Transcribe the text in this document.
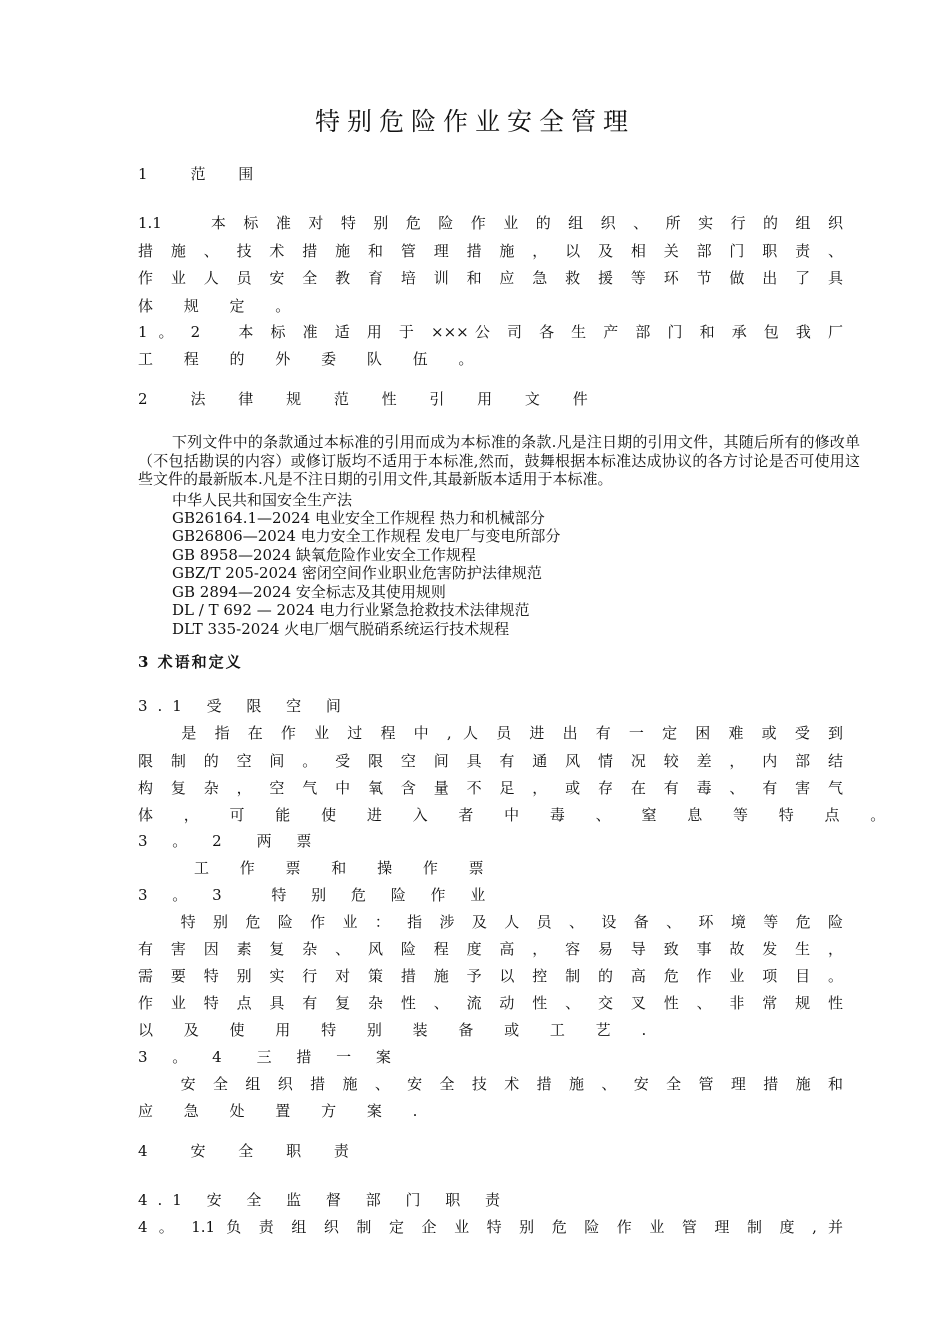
特别危险作业安全管理
1　范 围
1.1　　本 标 准 对 特 别 危 险 作 业 的 组 织 、 所 实 行 的 组 织
措 施 、 技 术 措 施 和 管 理 措 施 ， 以 及 相 关 部 门 职 责 、
作 业 人 员 安 全 教 育 培 训 和 应 急 救 援 等 环 节 做 出 了 具
体 规 定 。
1 。 2　 本 标 准 适 用 于 ×××公 司 各 生 产 部 门 和 承 包 我 厂
工 程 的 外 委 队 伍 。
2　法 律 规 范 性 引 用 文 件
下列文件中的条款通过本标准的引用而成为本标准的条款.凡是注日期的引用文件，其随后所有的修改单（不包括勘误的内容）或修订版均不适用于本标准,然而，鼓舞根据本标准达成协议的各方讨论是否可使用这些文件的最新版本.凡是不注日期的引用文件,其最新版本适用于本标准。
中华人民共和国安全生产法
GB26164.1—2024 电业安全工作规程 热力和机械部分
GB26806—2024 电力安全工作规程 发电厂与变电所部分
GB 8958—2024 缺氧危险作业安全工作规程
GBZ/T 205-2024 密闭空间作业职业危害防护法律规范
GB 2894—2024 安全标志及其使用规则
DL / T 692 — 2024 电力行业紧急抢救技术法律规范
DLT 335-2024 火电厂烟气脱硝系统运行技术规程
3 术语和定义
3.1 受 限 空 间
　　是 指 在 作 业 过 程 中 , 人 员 进 出 有 一 定 困 难 或 受 到
限 制 的 空 间 。 受 限 空 间 具 有 通 风 情 况 较 差 ， 内 部 结
构 复 杂 ， 空 气 中 氧 含 量 不 足 ， 或 存 在 有 毒 、 有 害 气
体 ， 可 能 使 进 入 者 中 毒 、 窒 息 等 特 点 。
3 。 2　两 票
　　工 作 票 和 操 作 票
3 。 3　 特 别 危 险 作 业
　　特 别 危 险 作 业 ： 指 涉 及 人 员 、 设 备 、 环 境 等 危 险
有 害 因 素 复 杂 、 风 险 程 度 高 ， 容 易 导 致 事 故 发 生 ，
需 要 特 别 实 行 对 策 措 施 予 以 控 制 的 高 危 作 业 项 目 。
作 业 特 点 具 有 复 杂 性 、 流 动 性 、 交 叉 性 、 非 常 规 性
以 及 使 用 特 别 装 备 或 工 艺 .
3 。 4　三 措 一 案
　　安 全 组 织 措 施 、 安 全 技 术 措 施 、 安 全 管 理 措 施 和
应 急 处 置 方 案 .
4　安 全 职 责
4.1 安 全 监 督 部 门 职 责
4 。 1.1 负 责 组 织 制 定 企 业 特 别 危 险 作 业 管 理 制 度 , 并
